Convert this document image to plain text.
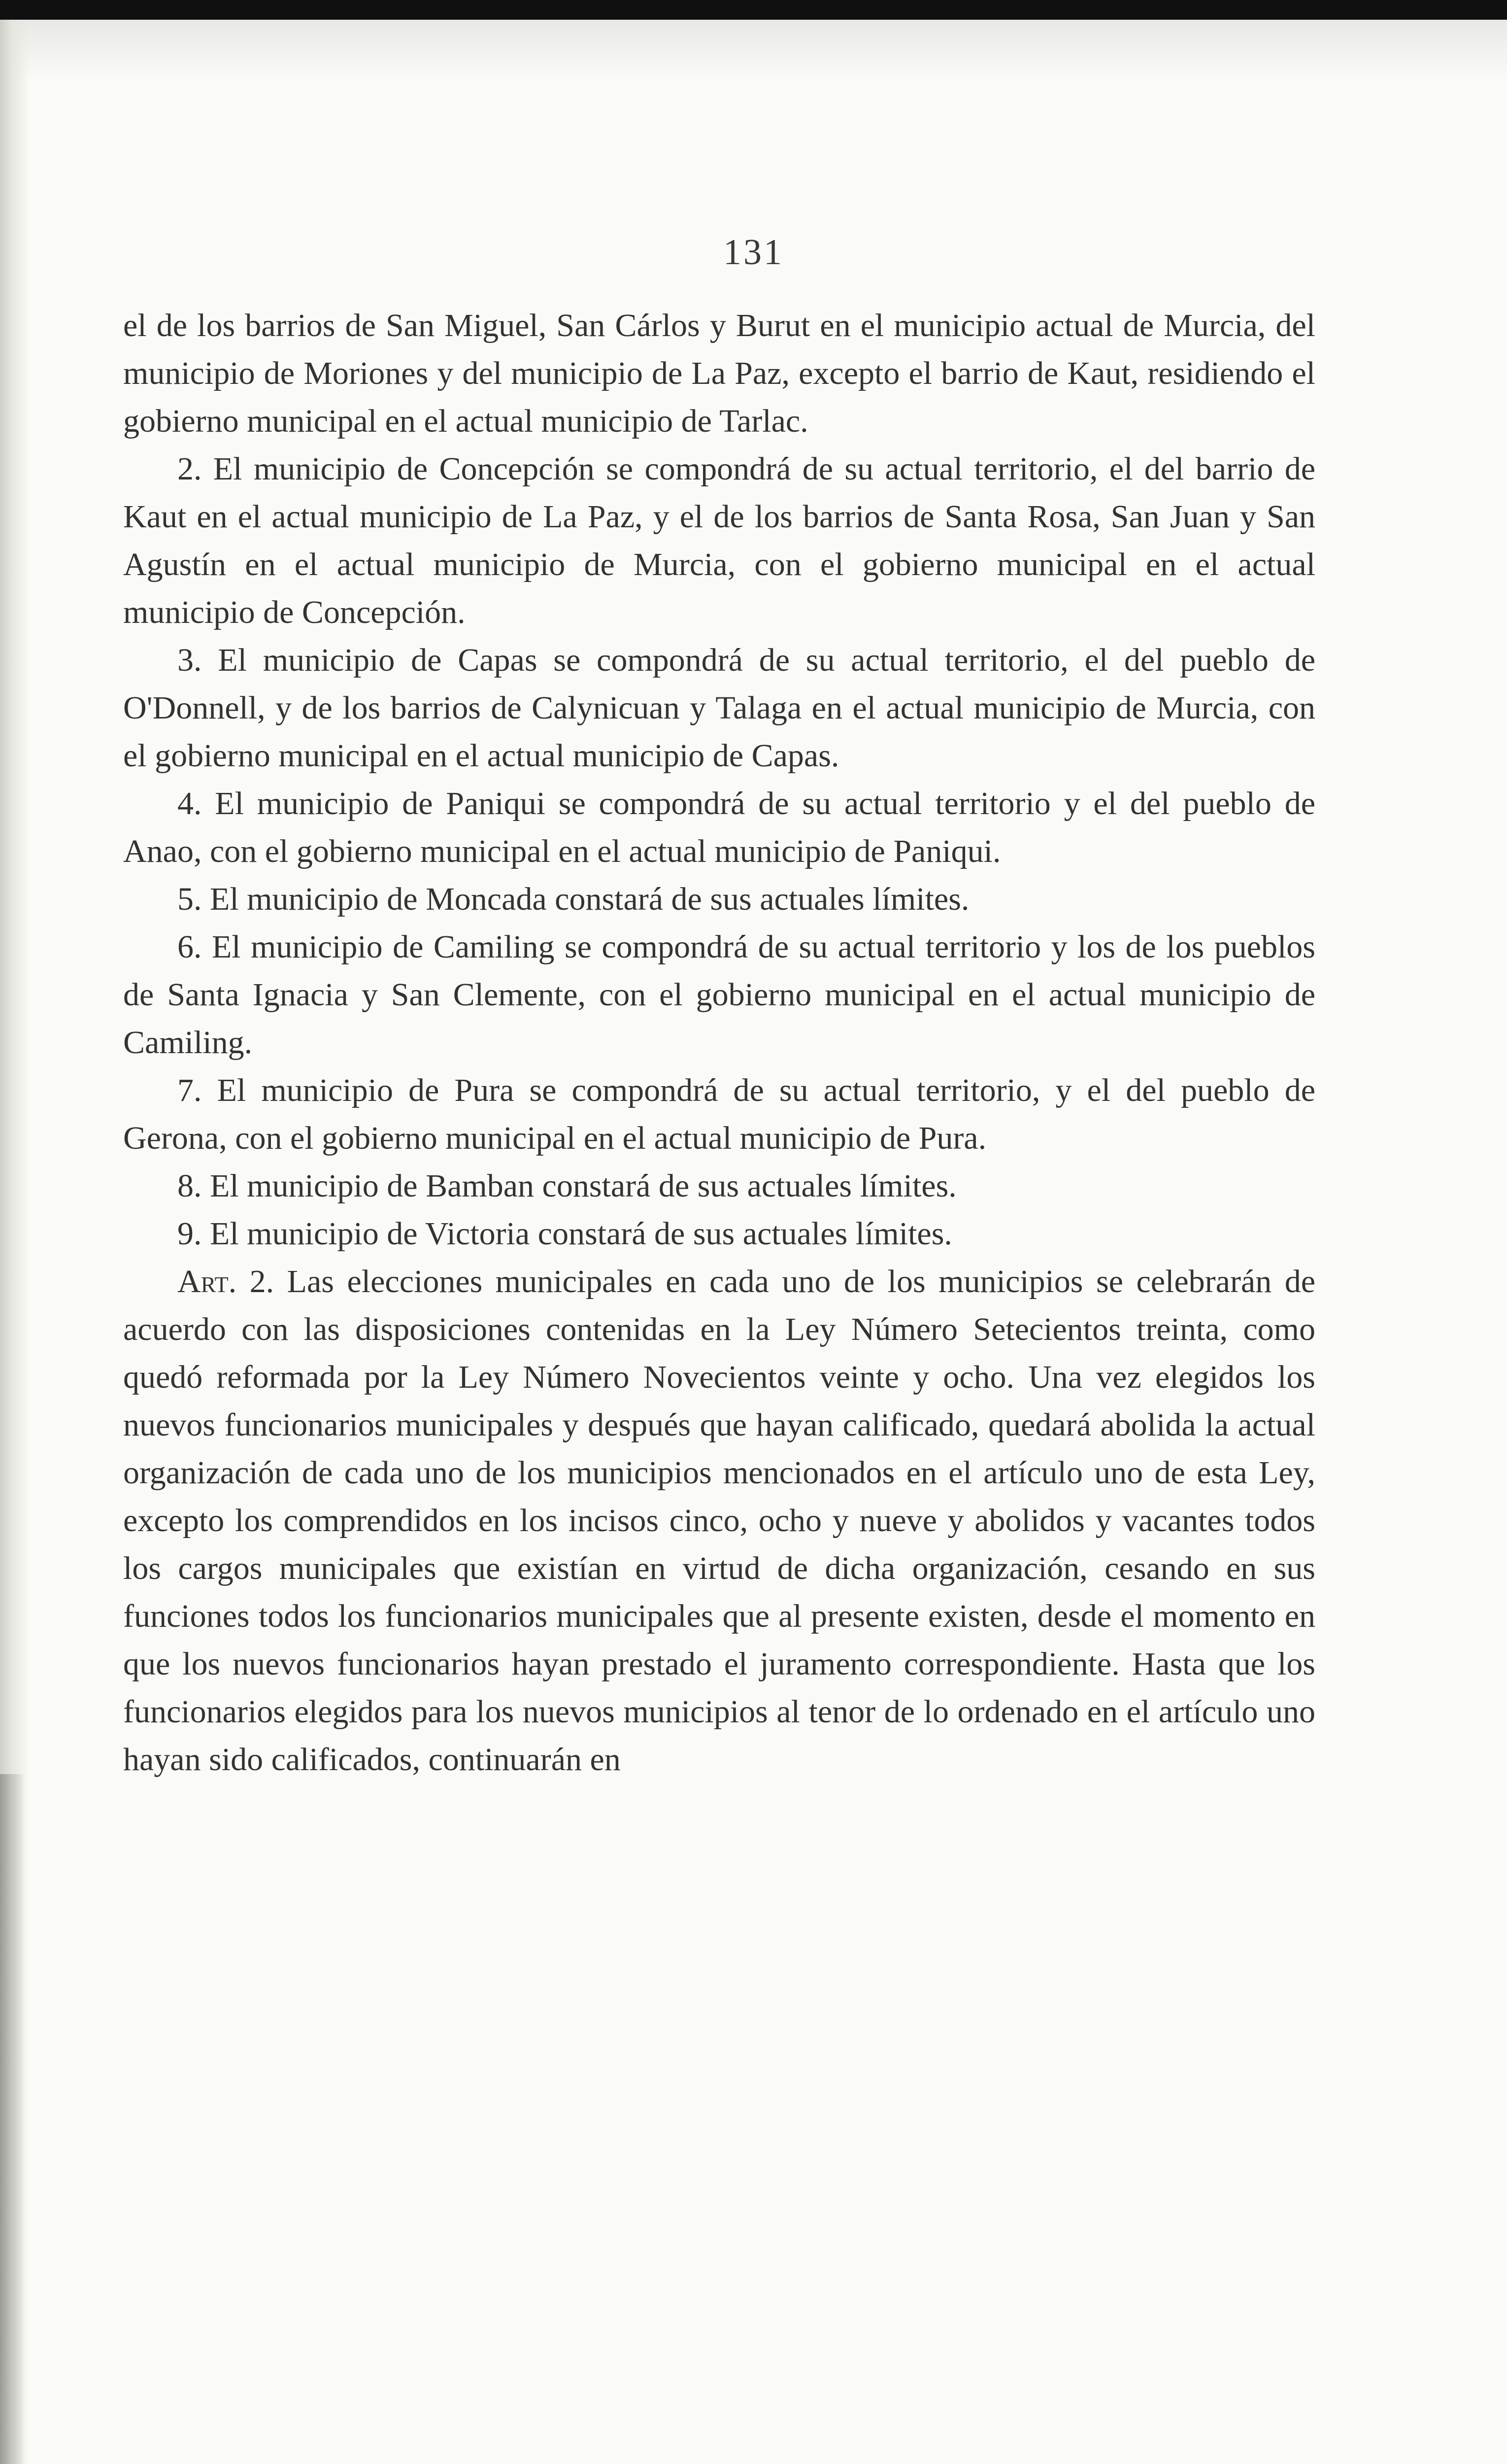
131

el de los barrios de San Miguel, San Cárlos y Burut en el municipio actual de Murcia, del municipio de Moriones y del municipio de La Paz, excepto el barrio de Kaut, residiendo el gobierno municipal en el actual municipio de Tarlac.

2. El municipio de Concepción se compondrá de su actual territorio, el del barrio de Kaut en el actual municipio de La Paz, y el de los barrios de Santa Rosa, San Juan y San Agustín en el actual municipio de Murcia, con el gobierno municipal en el actual municipio de Concepción.

3. El municipio de Capas se compondrá de su actual territorio, el del pueblo de O'Donnell, y de los barrios de Calynicuan y Talaga en el actual municipio de Murcia, con el gobierno municipal en el actual municipio de Capas.

4. El municipio de Paniqui se compondrá de su actual territorio y el del pueblo de Anao, con el gobierno municipal en el actual municipio de Paniqui.

5. El municipio de Moncada constará de sus actuales límites.

6. El municipio de Camiling se compondrá de su actual territorio y los de los pueblos de Santa Ignacia y San Clemente, con el gobierno municipal en el actual municipio de Camiling.

7. El municipio de Pura se compondrá de su actual territorio, y el del pueblo de Gerona, con el gobierno municipal en el actual municipio de Pura.

8. El municipio de Bamban constará de sus actuales límites.

9. El municipio de Victoria constará de sus actuales límites.

Art. 2. Las elecciones municipales en cada uno de los municipios se celebrarán de acuerdo con las disposiciones contenidas en la Ley Número Setecientos treinta, como quedó reformada por la Ley Número Novecientos veinte y ocho. Una vez elegidos los nuevos funcionarios municipales y después que hayan calificado, quedará abolida la actual organización de cada uno de los municipios mencionados en el artículo uno de esta Ley, excepto los comprendidos en los incisos cinco, ocho y nueve y abolidos y vacantes todos los cargos municipales que existían en virtud de dicha organización, cesando en sus funciones todos los funcionarios municipales que al presente existen, desde el momento en que los nuevos funcionarios hayan prestado el juramento correspondiente. Hasta que los funcionarios elegidos para los nuevos municipios al tenor de lo ordenado en el artículo uno hayan sido calificados, continuarán en
